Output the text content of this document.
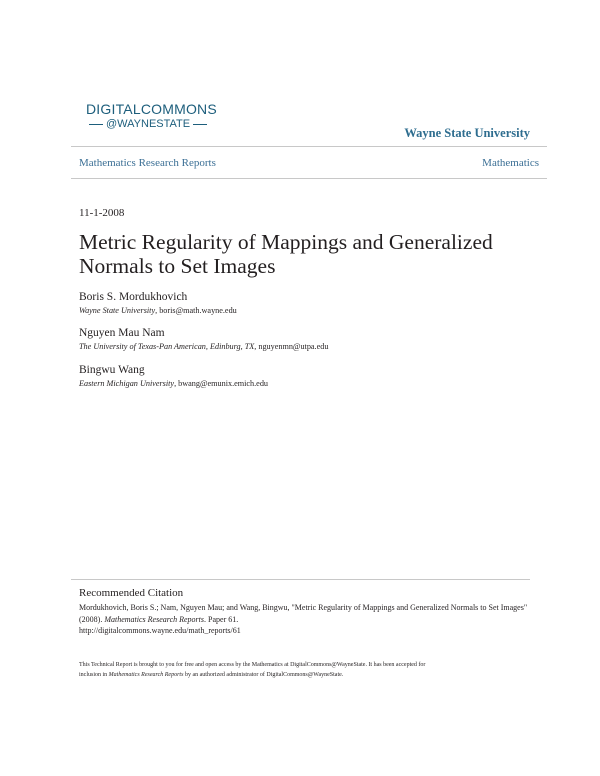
DIGITALCOMMONS
@WAYNESTATE
Wayne State University
Mathematics Research Reports	Mathematics
11-1-2008
Metric Regularity of Mappings and Generalized Normals to Set Images
Boris S. Mordukhovich
Wayne State University, boris@math.wayne.edu
Nguyen Mau Nam
The University of Texas-Pan American, Edinburg, TX, nguyenmn@utpa.edu
Bingwu Wang
Eastern Michigan University, bwang@emunix.emich.edu
Recommended Citation
Mordukhovich, Boris S.; Nam, Nguyen Mau; and Wang, Bingwu, "Metric Regularity of Mappings and Generalized Normals to Set Images" (2008). Mathematics Research Reports. Paper 61.
http://digitalcommons.wayne.edu/math_reports/61
This Technical Report is brought to you for free and open access by the Mathematics at DigitalCommons@WayneState. It has been accepted for
inclusion in Mathematics Research Reports by an authorized administrator of DigitalCommons@WayneState.
